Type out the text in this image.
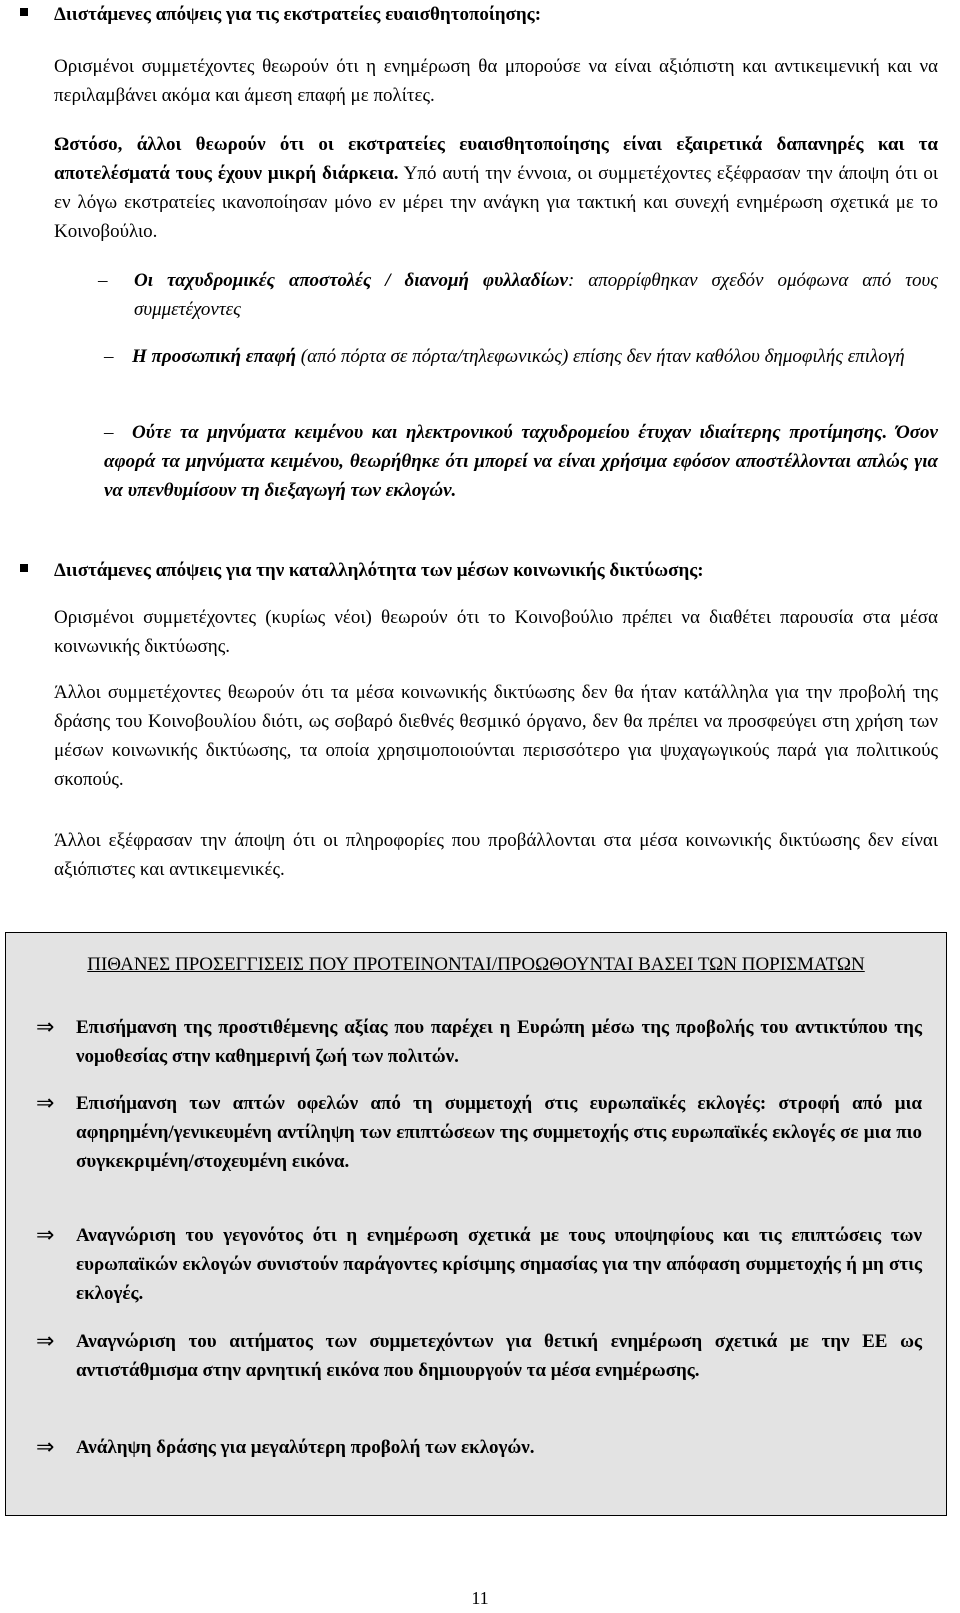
Διιστάμενες απόψεις για τις εκστρατείες ευαισθητοποίησης:
Ορισμένοι συμμετέχοντες θεωρούν ότι η ενημέρωση θα μπορούσε να είναι αξιόπιστη και αντικειμενική και να περιλαμβάνει ακόμα και άμεση επαφή με πολίτες.
Ωστόσο, άλλοι θεωρούν ότι οι εκστρατείες ευαισθητοποίησης είναι εξαιρετικά δαπανηρές και τα αποτελέσματά τους έχουν μικρή διάρκεια. Υπό αυτή την έννοια, οι συμμετέχοντες εξέφρασαν την άποψη ότι οι εν λόγω εκστρατείες ικανοποίησαν μόνο εν μέρει την ανάγκη για τακτική και συνεχή ενημέρωση σχετικά με το Κοινοβούλιο.
–	Οι ταχυδρομικές αποστολές / διανομή φυλλαδίων: απορρίφθηκαν σχεδόν ομόφωνα από τους συμμετέχοντες
– Η προσωπική επαφή (από πόρτα σε πόρτα/τηλεφωνικώς) επίσης δεν ήταν καθόλου δημοφιλής επιλογή
– Ούτε τα μηνύματα κειμένου και ηλεκτρονικού ταχυδρομείου έτυχαν ιδιαίτερης προτίμησης. Όσον αφορά τα μηνύματα κειμένου, θεωρήθηκε ότι μπορεί να είναι χρήσιμα εφόσον αποστέλλονται απλώς για να υπενθυμίσουν τη διεξαγωγή των εκλογών.
Διιστάμενες απόψεις για την καταλληλότητα των μέσων κοινωνικής δικτύωσης:
Ορισμένοι συμμετέχοντες (κυρίως νέοι) θεωρούν ότι το Κοινοβούλιο πρέπει να διαθέτει παρουσία στα μέσα κοινωνικής δικτύωσης.
Άλλοι συμμετέχοντες θεωρούν ότι τα μέσα κοινωνικής δικτύωσης δεν θα ήταν κατάλληλα για την προβολή της δράσης του Κοινοβουλίου διότι, ως σοβαρό διεθνές θεσμικό όργανο, δεν θα πρέπει να προσφεύγει στη χρήση των μέσων κοινωνικής δικτύωσης, τα οποία χρησιμοποιούνται περισσότερο για ψυχαγωγικούς παρά για πολιτικούς σκοπούς.
Άλλοι εξέφρασαν την άποψη ότι οι πληροφορίες που προβάλλονται στα μέσα κοινωνικής δικτύωσης δεν είναι αξιόπιστες και αντικειμενικές.
ΠΙΘΑΝΕΣ ΠΡΟΣΕΓΓΙΣΕΙΣ ΠΟΥ ΠΡΟΤΕΙΝΟΝΤΑΙ/ΠΡΟΩΘΟΥΝΤΑΙ ΒΑΣΕΙ ΤΩΝ ΠΟΡΙΣΜΑΤΩΝ
⇒	Επισήμανση της προστιθέμενης αξίας που παρέχει η Ευρώπη μέσω της προβολής του αντικτύπου της νομοθεσίας στην καθημερινή ζωή των πολιτών.
⇒	Επισήμανση των απτών οφελών από τη συμμετοχή στις ευρωπαϊκές εκλογές: στροφή από μια αφηρημένη/γενικευμένη αντίληψη των επιπτώσεων της συμμετοχής στις ευρωπαϊκές εκλογές σε μια πιο συγκεκριμένη/στοχευμένη εικόνα.
⇒	Αναγνώριση του γεγονότος ότι η ενημέρωση σχετικά με τους υποψηφίους και τις επιπτώσεις των ευρωπαϊκών εκλογών συνιστούν παράγοντες κρίσιμης σημασίας για την απόφαση συμμετοχής ή μη στις εκλογές.
⇒	Αναγνώριση του αιτήματος των συμμετεχόντων για θετική ενημέρωση σχετικά με την ΕΕ ως αντιστάθμισμα στην αρνητική εικόνα που δημιουργούν τα μέσα ενημέρωσης.
⇒	Ανάληψη δράσης για μεγαλύτερη προβολή των εκλογών.
11
